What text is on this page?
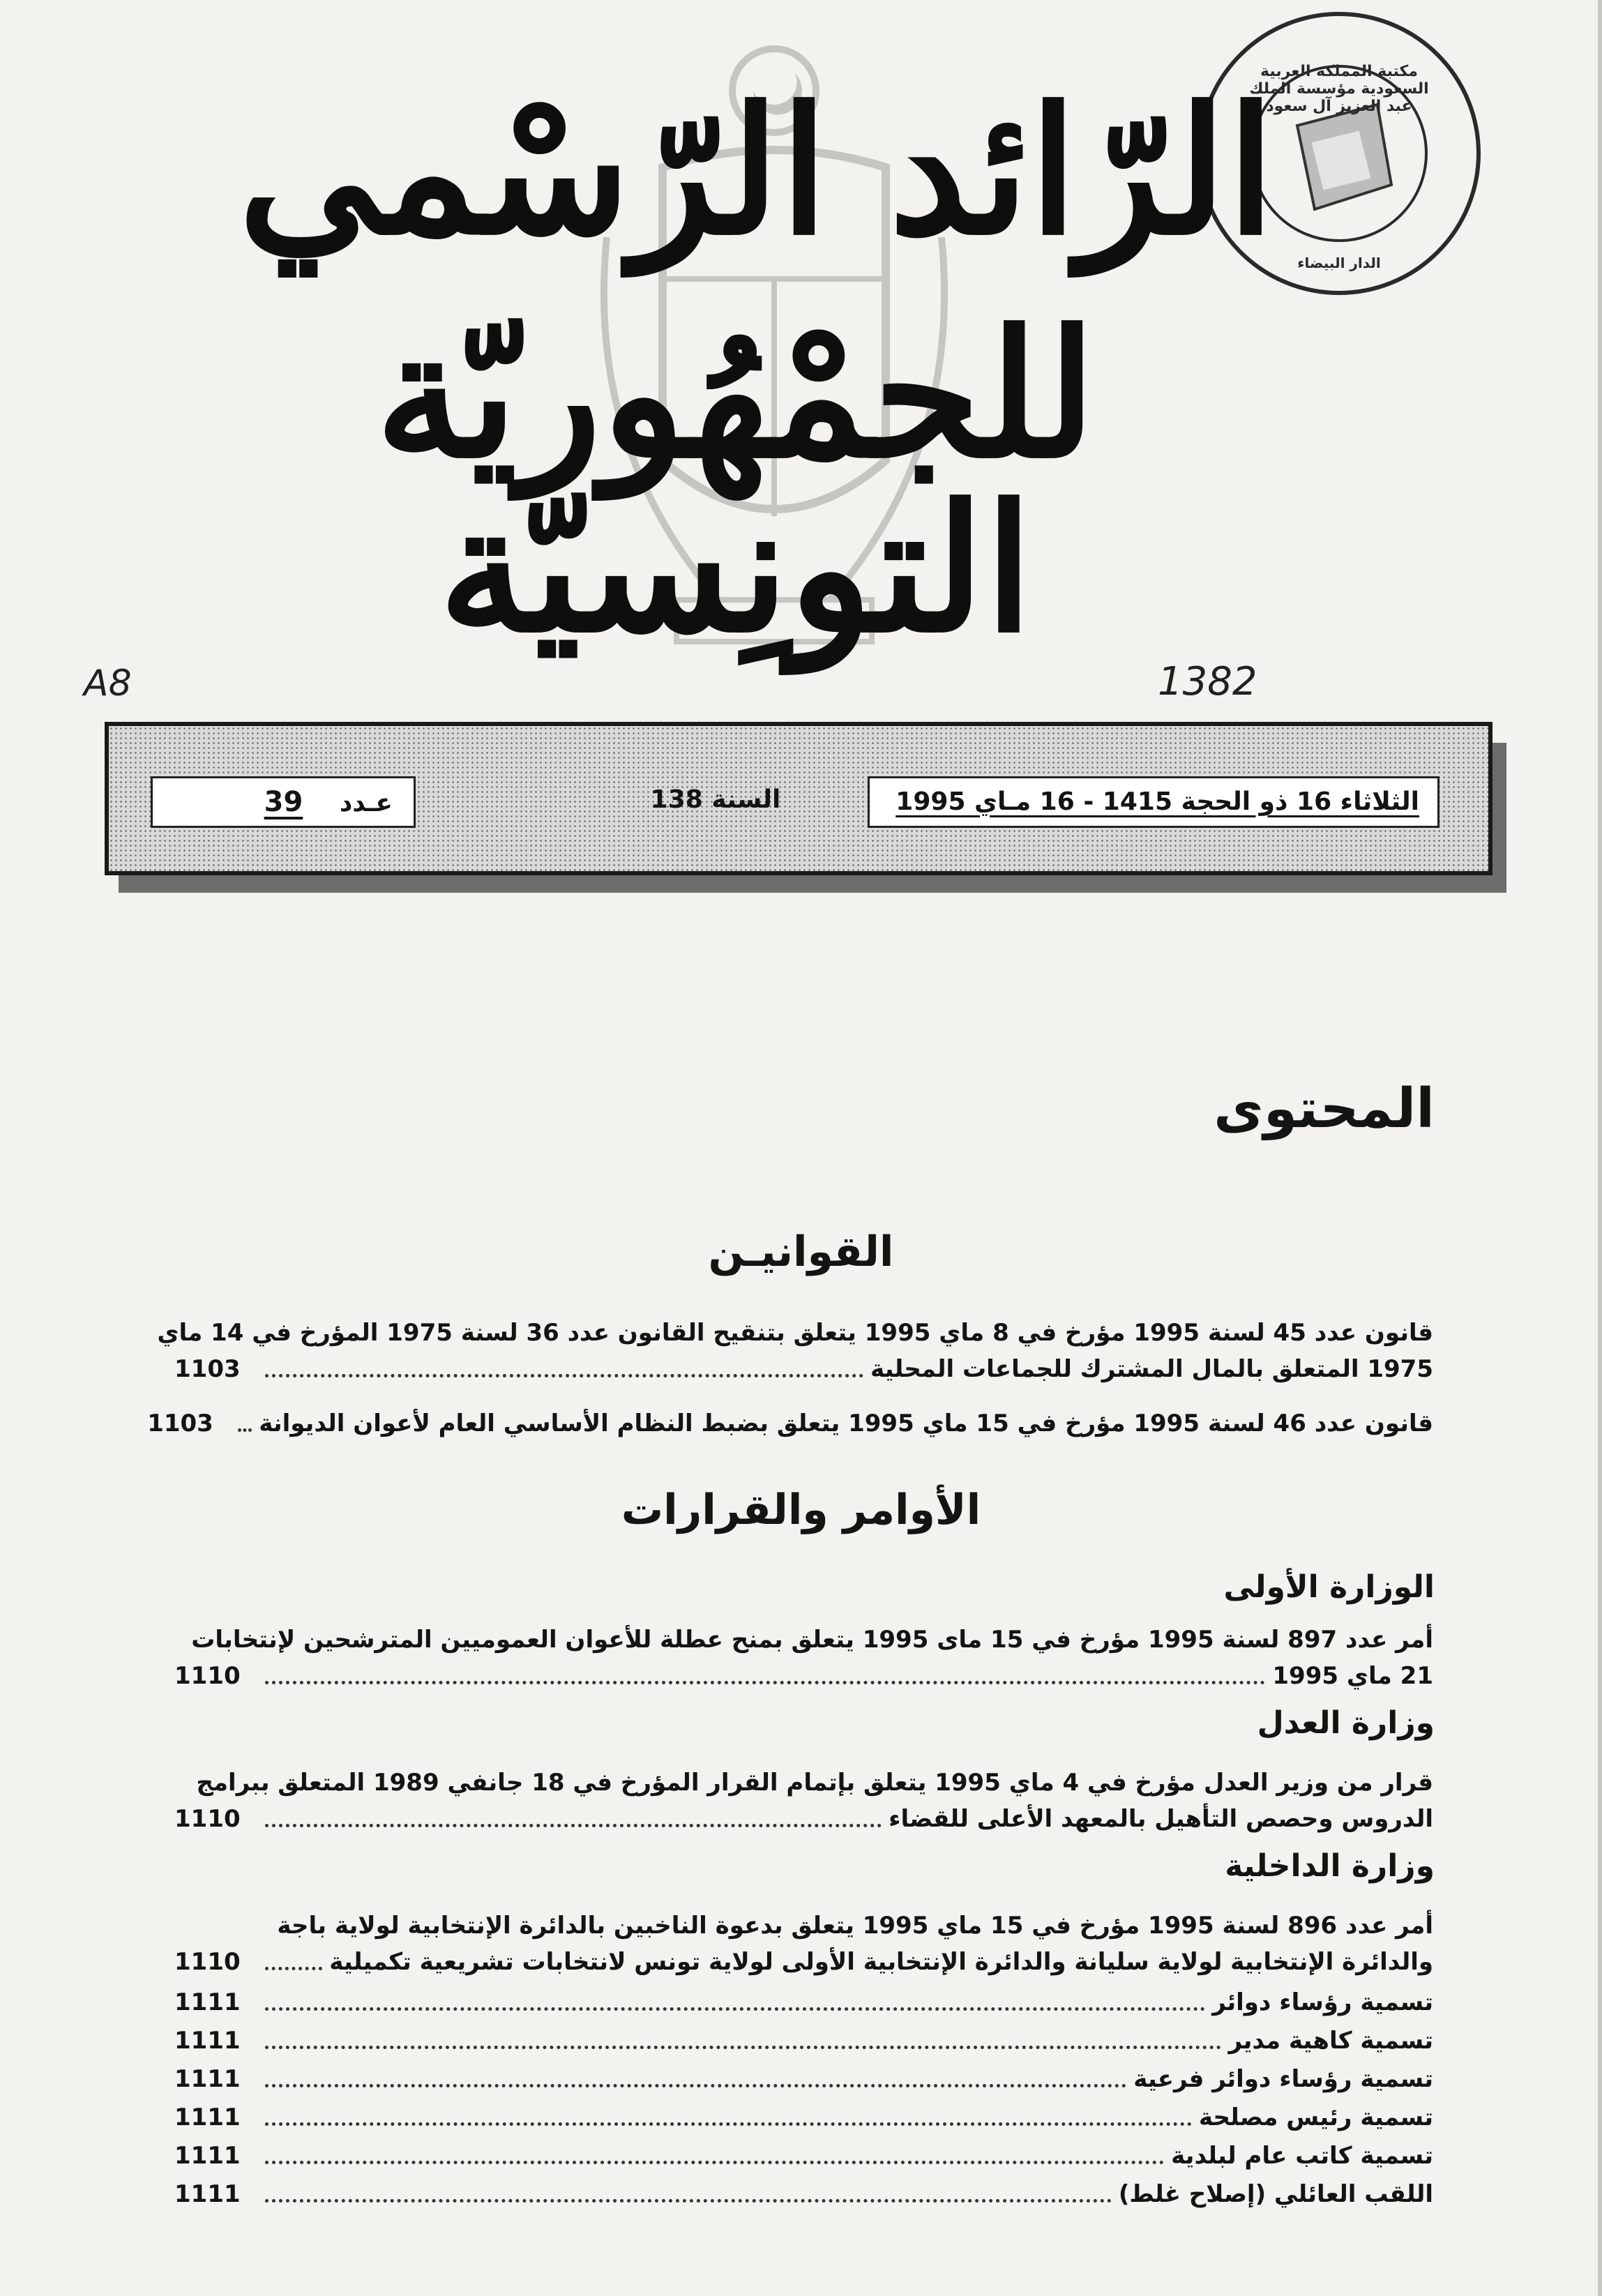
مكتبة المملكة العربية السعودية مؤسسة الملك عبد العزيز آل سعود
الدار البيضاء
الرّائد الرّسْمي
للجمْهُوريّة التونِسيّة
A8	1382
الثلاثاء 16 ذو الحجة 1415 - 16 مـاي 1995
السنة 138
عـدد 39
المحتوى
القوانيـن
قانون عدد 45 لسنة 1995 مؤرخ في 8 ماي 1995 يتعلق بتنقيح القانون عدد 36 لسنة 1975 المؤرخ في 14 ماي
1975 المتعلق بالمال المشترك للجماعات المحلية
1103
قانون عدد 46 لسنة 1995 مؤرخ في 15 ماي 1995 يتعلق بضبط النظام الأساسي العام لأعوان الديوانة
1103
الأوامر والقرارات
الوزارة الأولى
أمر عدد 897 لسنة 1995 مؤرخ في 15 ماى 1995 يتعلق بمنح عطلة للأعوان العموميين المترشحين لإنتخابات
21 ماي 1995
1110
وزارة العدل
قرار من وزير العدل مؤرخ في 4 ماي 1995 يتعلق بإتمام القرار المؤرخ في 18 جانفي 1989 المتعلق ببرامج
الدروس وحصص التأهيل بالمعهد الأعلى للقضاء
1110
وزارة الداخلية
أمر عدد 896 لسنة 1995 مؤرخ في 15 ماي 1995 يتعلق بدعوة الناخبين بالدائرة الإنتخابية لولاية باجة
والدائرة الإنتخابية لولاية سليانة والدائرة الإنتخابية الأولى لولاية تونس لانتخابات تشريعية تكميلية
1110
تسمية رؤساء دوائر
1111
تسمية كاهية مدير
1111
تسمية رؤساء دوائر فرعية
1111
تسمية رئيس مصلحة
1111
تسمية كاتب عام لبلدية
1111
اللقب العائلي (إصلاح غلط)
1111
